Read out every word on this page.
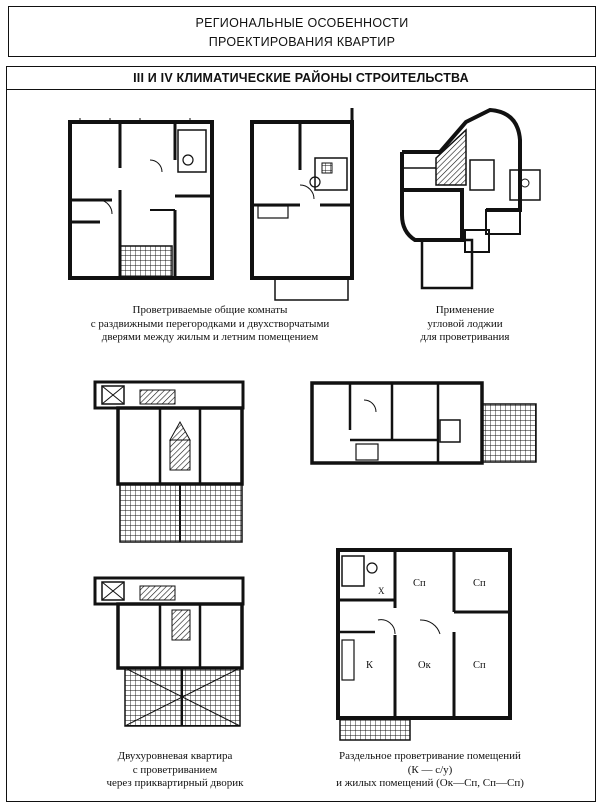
РЕГИОНАЛЬНЫЕ ОСОБЕННОСТИ
ПРОЕКТИРОВАНИЯ КВАРТИР
III И IV КЛИМАТИЧЕСКИЕ РАЙОНЫ СТРОИТЕЛЬСТВА
Сп	Сп
Сп
Ок
К
Х
Проветриваемые общие комнаты
с раздвижными перегородками и двухстворчатыми
дверями между жилым и летним помещением
Применение
угловой лоджии
для проветривания
Двухуровневая квартира
с проветриванием
через приквартирный дворик
Раздельное проветривание помещений
(К — с/у)
и жилых помещений (Ок—Сп, Сп—Сп)
